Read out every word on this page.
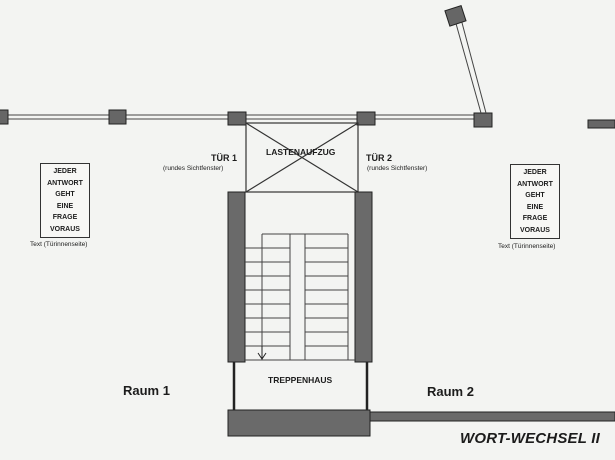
LASTENAUFZUG
TREPPENHAUS
TÜR 1
(rundes Sichtfenster)
TÜR 2
(rundes Sichtfenster)
Raum 1	Raum 2
JEDER
ANTWORT
GEHT
EINE
FRAGE
VORAUS
Text (Türinnenseite)
JEDER
ANTWORT
GEHT
EINE
FRAGE
VORAUS
Text (Türinnenseite)
WORT-WECHSEL II
